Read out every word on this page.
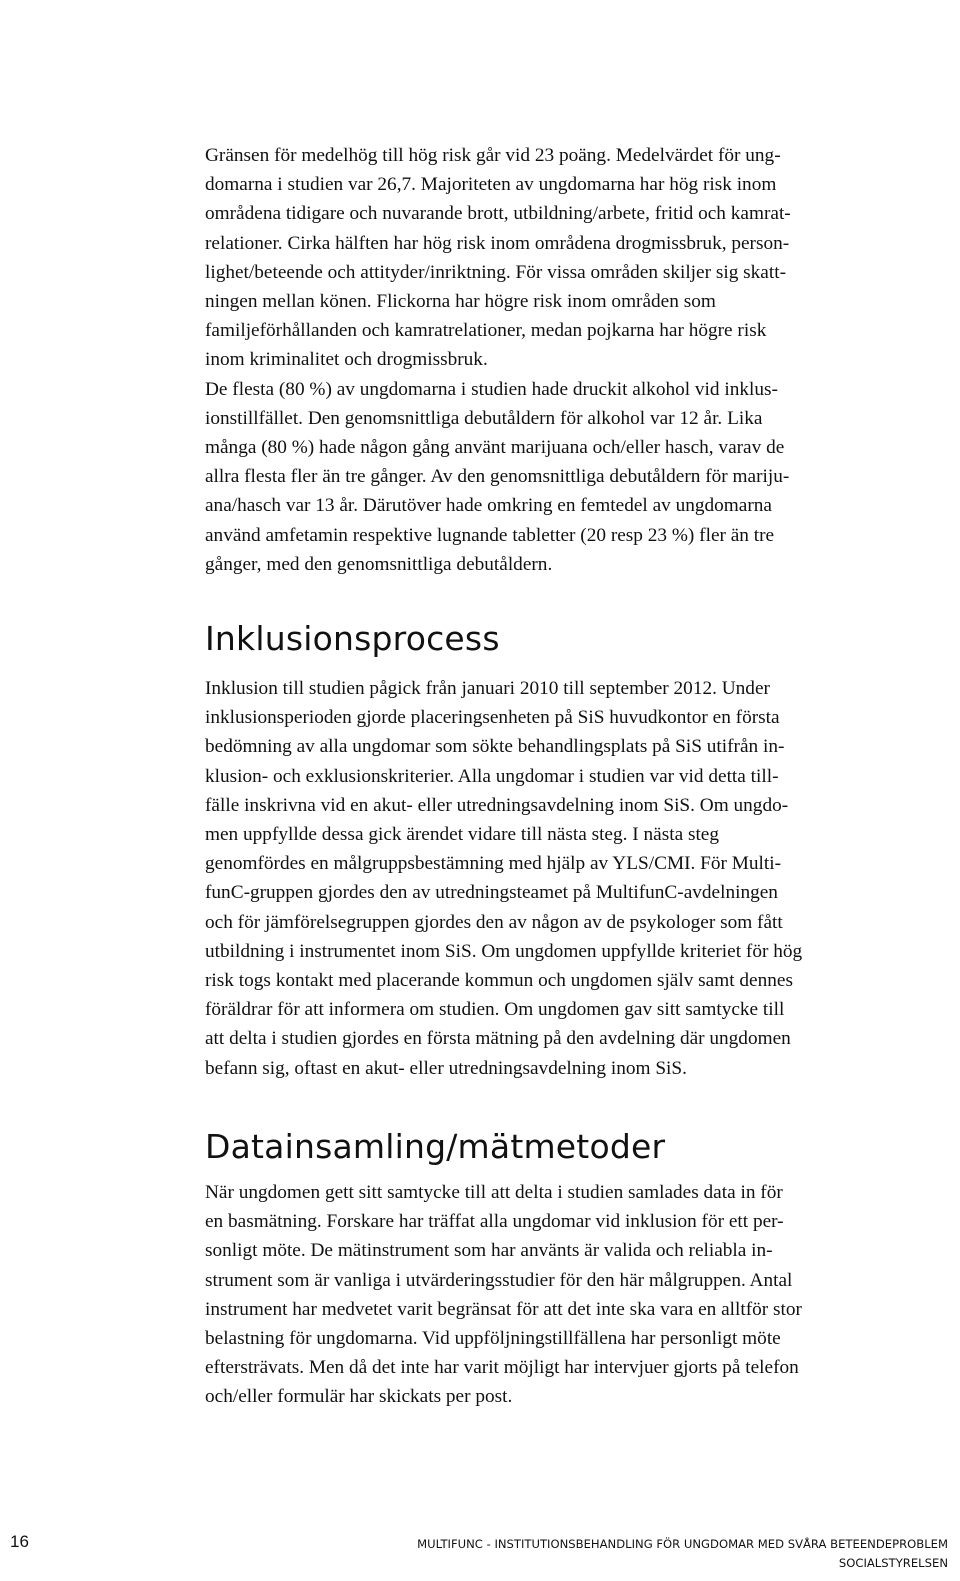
Gränsen för medelhög till hög risk går vid 23 poäng. Medelvärdet för ung-
domarna i studien var 26,7. Majoriteten av ungdomarna har hög risk inom
områdena tidigare och nuvarande brott, utbildning/arbete, fritid och kamrat-
relationer. Cirka hälften har hög risk inom områdena drogmissbruk, person-
lighet/beteende och attityder/inriktning. För vissa områden skiljer sig skatt-
ningen mellan könen. Flickorna har högre risk inom områden som
familjeförhållanden och kamratrelationer, medan pojkarna har högre risk
inom kriminalitet och drogmissbruk.

De flesta (80 %) av ungdomarna i studien hade druckit alkohol vid inklus-
ionstillfället. Den genomsnittliga debutåldern för alkohol var 12 år. Lika
många (80 %) hade någon gång använt marijuana och/eller hasch, varav de
allra flesta fler än tre gånger. Av den genomsnittliga debutåldern för mariju-
ana/hasch var 13 år. Därutöver hade omkring en femtedel av ungdomarna
använd amfetamin respektive lugnande tabletter (20 resp 23 %) fler än tre
gånger, med den genomsnittliga debutåldern.

Inklusionsprocess

Inklusion till studien pågick från januari 2010 till september 2012. Under
inklusionsperioden gjorde placeringsenheten på SiS huvudkontor en första
bedömning av alla ungdomar som sökte behandlingsplats på SiS utifrån in-
klusion- och exklusionskriterier. Alla ungdomar i studien var vid detta till-
fälle inskrivna vid en akut- eller utredningsavdelning inom SiS. Om ungdo-
men uppfyllde dessa gick ärendet vidare till nästa steg. I nästa steg
genomfördes en målgruppsbestämning med hjälp av YLS/CMI. För Multi-
funC-gruppen gjordes den av utredningsteamet på MultifunC-avdelningen
och för jämförelsegruppen gjordes den av någon av de psykologer som fått
utbildning i instrumentet inom SiS. Om ungdomen uppfyllde kriteriet för hög
risk togs kontakt med placerande kommun och ungdomen själv samt dennes
föräldrar för att informera om studien. Om ungdomen gav sitt samtycke till
att delta i studien gjordes en första mätning på den avdelning där ungdomen
befann sig, oftast en akut- eller utredningsavdelning inom SiS.

Datainsamling/mätmetoder

När ungdomen gett sitt samtycke till att delta i studien samlades data in för
en basmätning. Forskare har träffat alla ungdomar vid inklusion för ett per-
sonligt möte. De mätinstrument som har använts är valida och reliabla in-
strument som är vanliga i utvärderingsstudier för den här målgruppen. Antal
instrument har medvetet varit begränsat för att det inte ska vara en alltför stor
belastning för ungdomarna. Vid uppföljningstillfällena har personligt möte
eftersträvats. Men då det inte har varit möjligt har intervjuer gjorts på telefon
och/eller formulär har skickats per post.

16	MULTIFUNC - INSTITUTIONSBEHANDLING FÖR UNGDOMAR MED SVÅRA BETEENDEPROBLEM
SOCIALSTYRELSEN
